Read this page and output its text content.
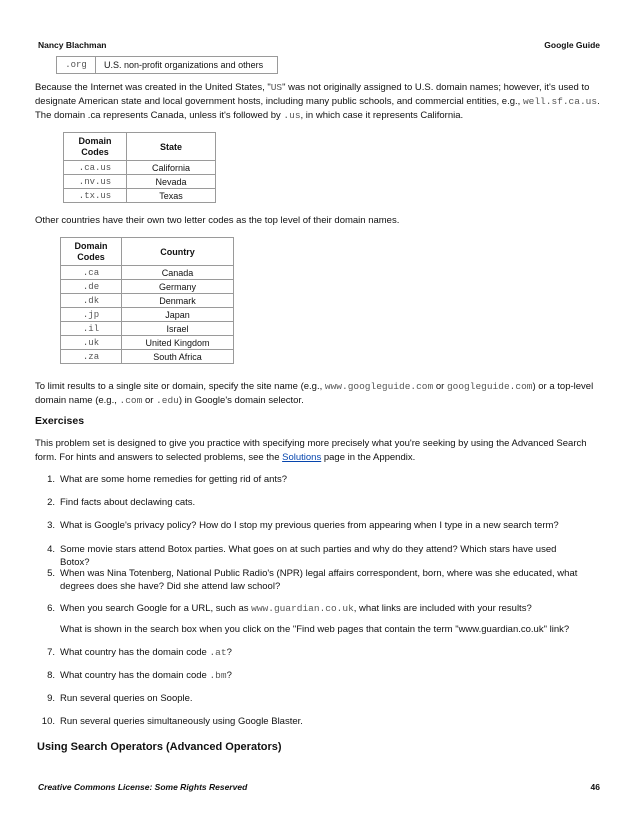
Nancy Blachman	Google Guide
.org	U.S. non-profit organizations and others
Because the Internet was created in the United States, "US" was not originally assigned to U.S. domain names; however, it's used to designate American state and local government hosts, including many public schools, and commercial entities, e.g., well.sf.ca.us. The domain .ca represents Canada, unless it's followed by .us, in which case it represents California.
Domain
Codes	State
.ca.us	California
.nv.us	Nevada
.tx.us	Texas
Other countries have their own two letter codes as the top level of their domain names.
Domain
Codes	Country
.ca	Canada
.de	Germany
.dk	Denmark
.jp	Japan
.il	Israel
.uk	United Kingdom
.za	South Africa
To limit results to a single site or domain, specify the site name (e.g., www.googleguide.com or googleguide.com) or a top-level domain name (e.g., .com or .edu) in Google's domain selector.
Exercises
This problem set is designed to give you practice with specifying more precisely what you're seeking by using the Advanced Search form. For hints and answers to selected problems, see the Solutions page in the Appendix.
1. What are some home remedies for getting rid of ants?
2. Find facts about declawing cats.
3. What is Google's privacy policy? How do I stop my previous queries from appearing when I type in a new search term?
4. Some movie stars attend Botox parties. What goes on at such parties and why do they attend? Which stars have used Botox?
5. When was Nina Totenberg, National Public Radio's (NPR) legal affairs correspondent, born, where was she educated, what degrees does she have? Did she attend law school?
6. When you search Google for a URL, such as www.guardian.co.uk, what links are included with your results?
What is shown in the search box when you click on the "Find web pages that contain the term "www.guardian.co.uk" link?
7. What country has the domain code .at?
8. What country has the domain code .bm?
9. Run several queries on Soople.
10. Run several queries simultaneously using Google Blaster.
Using Search Operators (Advanced Operators)
Creative Commons License: Some Rights Reserved	46
